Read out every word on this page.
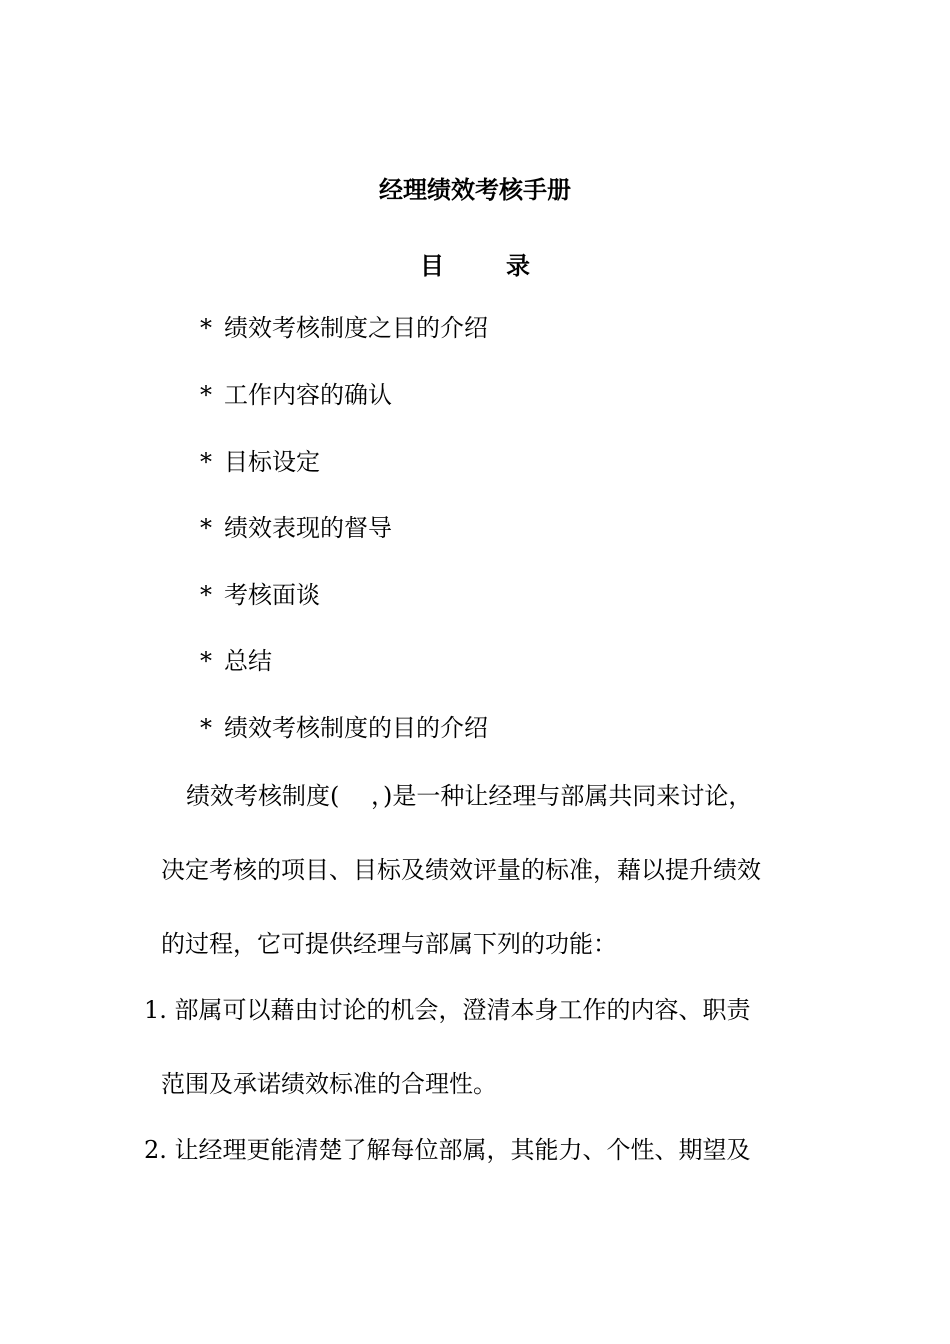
经理绩效考核手册
目	录
* 绩效考核制度之目的介绍
* 工作内容的确认
* 目标设定
* 绩效表现的督导
* 考核面谈
* 总结
* 绩效考核制度的目的介绍
绩效考核制度(　 ，)是一种让经理与部属共同来讨论，
决定考核的项目、目标及绩效评量的标准，藉以提升绩效
的过程，它可提供经理与部属下列的功能：
1. 部属可以藉由讨论的机会，澄清本身工作的内容、职责
范围及承诺绩效标准的合理性。
2. 让经理更能清楚了解每位部属，其能力、个性、期望及
